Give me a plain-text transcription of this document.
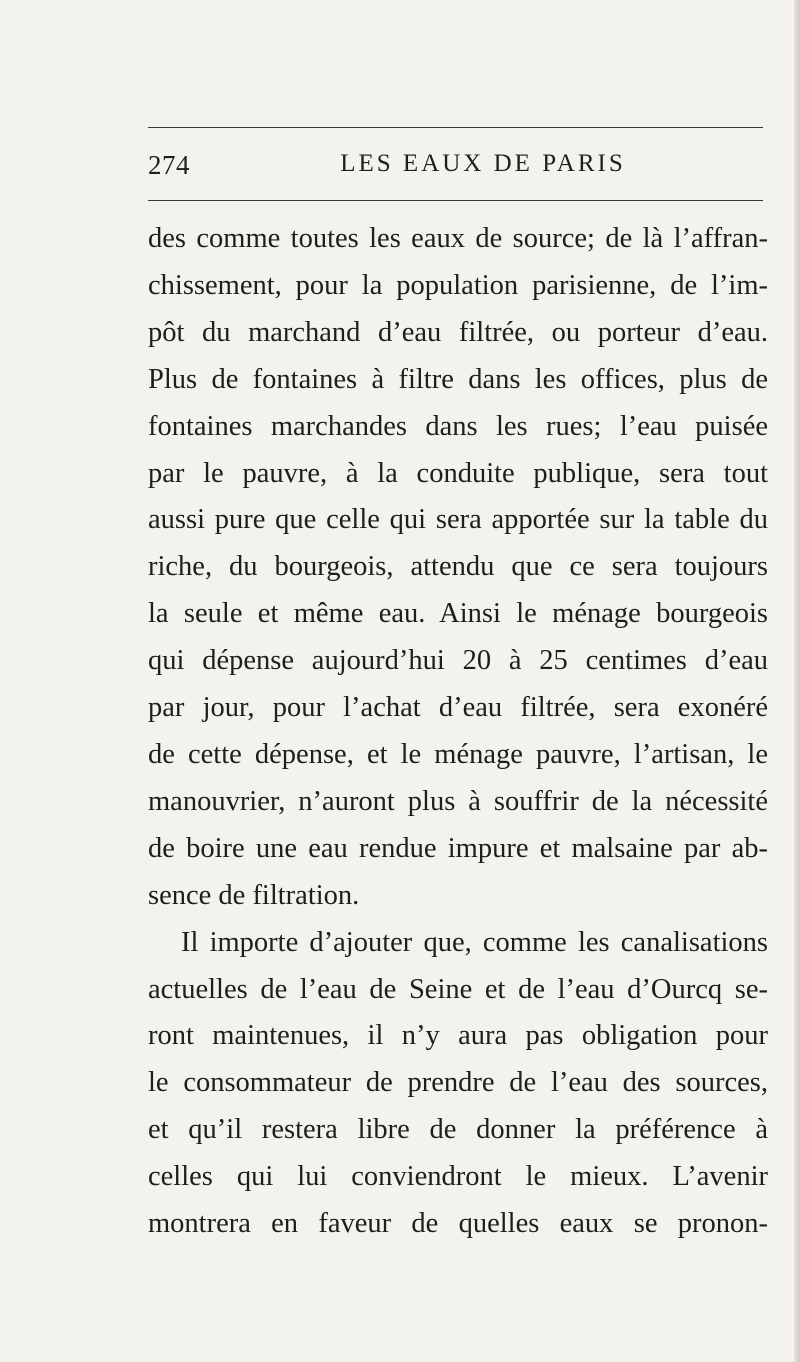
274	LES EAUX DE PARIS
des comme toutes les eaux de source; de là l’affran-
chissement, pour la population parisienne, de l’im-
pôt du marchand d’eau filtrée, ou porteur d’eau.
Plus de fontaines à filtre dans les offices, plus de
fontaines marchandes dans les rues; l’eau puisée
par le pauvre, à la conduite publique, sera tout
aussi pure que celle qui sera apportée sur la table du
riche, du bourgeois, attendu que ce sera toujours
la seule et même eau. Ainsi le ménage bourgeois
qui dépense aujourd’hui 20 à 25 centimes d’eau
par jour, pour l’achat d’eau filtrée, sera exonéré
de cette dépense, et le ménage pauvre, l’artisan, le
manouvrier, n’auront plus à souffrir de la nécessité
de boire une eau rendue impure et malsaine par ab-
sence de filtration.
Il importe d’ajouter que, comme les canalisations
actuelles de l’eau de Seine et de l’eau d’Ourcq se-
ront maintenues, il n’y aura pas obligation pour
le consommateur de prendre de l’eau des sources,
et qu’il restera libre de donner la préférence à
celles qui lui conviendront le mieux. L’avenir
montrera en faveur de quelles eaux se pronon-
